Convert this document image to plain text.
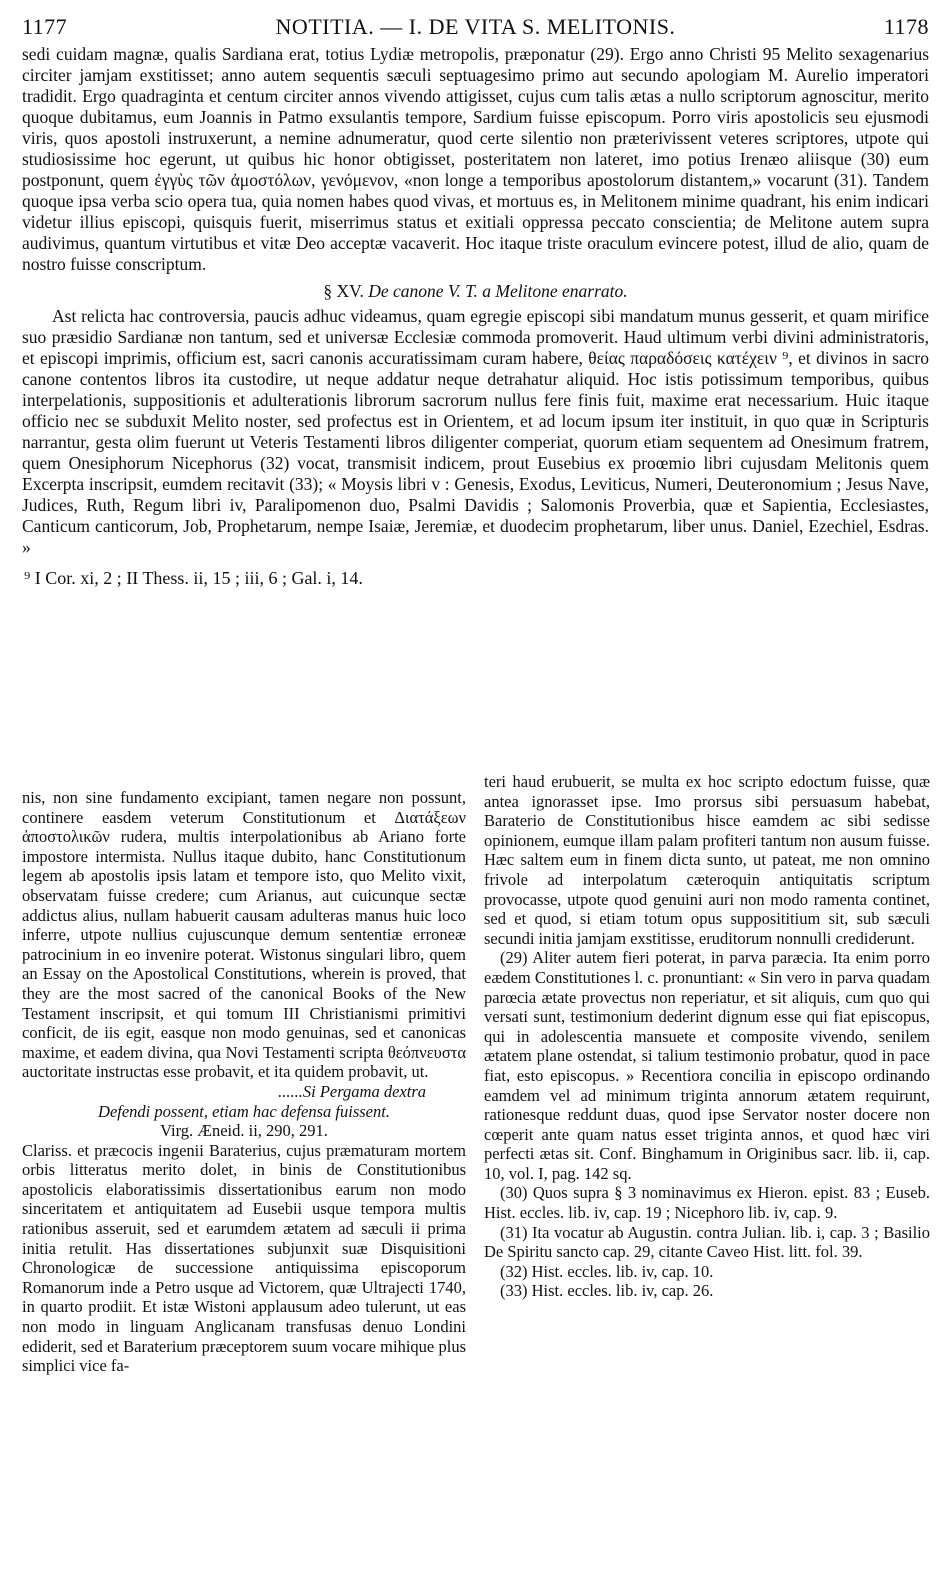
1177	NOTITIA. — I. DE VITA S. MELITONIS.	1178

sedi cuidam magnæ, qualis Sardiana erat, totius Lydiæ metropolis, præponatur (29). Ergo anno Christi 95 Melito sexagenarius circiter jamjam exstitisset; anno autem sequentis sæculi septuagesimo primo aut secundo apologiam M. Aurelio imperatori tradidit. Ergo quadraginta et centum circiter annos vivendo attigisset, cujus cum talis ætas a nullo scriptorum agnoscitur, merito quoque dubitamus, eum Joannis in Patmo exsulantis tempore, Sardium fuisse episcopum. Porro viris apostolicis seu ejusmodi viris, quos apostoli instruxerunt, a nemine adnumeratur, quod certe silentio non præterivissent veteres scriptores, utpote qui studiosissime hoc egerunt, ut quibus hic honor obtigisset, posteritatem non lateret, imo potius Irenæo aliisque (30) eum postponunt, quem ἐγγὺς τῶν ἀμοστόλων, γενόμενον, «non longe a temporibus apostolorum distantem,» vocarunt (31). Tandem quoque ipsa verba scio opera tua, quia nomen habes quod vivas, et mortuus es, in Melitonem minime quadrant, his enim indicari videtur illius episcopi, quisquis fuerit, miserrimus status et exitiali oppressa peccato conscientia; de Melitone autem supra audivimus, quantum virtutibus et vitæ Deo acceptæ vacaverit. Hoc itaque triste oraculum evincere potest, illud de alio, quam de nostro fuisse conscriptum.

§ XV. De canone V. T. a Melitone enarrato.

Ast relicta hac controversia, paucis adhuc videamus, quam egregie episcopi sibi mandatum munus gesserit, et quam mirifice suo præsidio Sardianæ non tantum, sed et universæ Ecclesiæ commoda promoverit. Haud ultimum verbi divini administratoris, et episcopi imprimis, officium est, sacri canonis accuratissimam curam habere, θείας παραδόσεις κατέχειν ⁹, et divinos in sacro canone contentos libros ita custodire, ut neque addatur neque detrahatur aliquid. Hoc istis potissimum temporibus, quibus interpelationis, suppositionis et adulterationis librorum sacrorum nullus fere finis fuit, maxime erat necessarium. Huic itaque officio nec se subduxit Melito noster, sed profectus est in Orientem, et ad locum ipsum iter instituit, in quo quæ in Scripturis narrantur, gesta olim fuerunt ut Veteris Testamenti libros diligenter comperiat, quorum etiam sequentem ad Onesimum fratrem, quem Onesiphorum Nicephorus (32) vocat, transmisit indicem, prout Eusebius ex proœmio libri cujusdam Melitonis quem Excerpta inscripsit, eumdem recitavit (33); « Moysis libri v : Genesis, Exodus, Leviticus, Numeri, Deuteronomium ; Jesus Nave, Judices, Ruth, Regum libri iv, Paralipomenon duo, Psalmi Davidis ; Salomonis Proverbia, quæ et Sapientia, Ecclesiastes, Canticum canticorum, Job, Prophetarum, nempe Isaiæ, Jeremiæ, et duodecim prophetarum, liber unus. Daniel, Ezechiel, Esdras. »

⁹ I Cor. xi, 2 ; II Thess. ii, 15 ; iii, 6 ; Gal. i, 14.

nis, non sine fundamento excipiant, tamen negare non possunt, continere easdem veterum Constitutionum et Διατάξεων ἀποστολικῶν rudera, multis interpolationibus ab Ariano forte impostore intermista. Nullus itaque dubito, hanc Constitutionum legem ab apostolis ipsis latam et tempore isto, quo Melito vixit, observatam fuisse credere; cum Arianus, aut cuicunque sectæ addictus alius, nullam habuerit causam adulteras manus huic loco inferre, utpote nullius cujuscunque demum sententiæ erroneæ patrocinium in eo invenire poterat. Wistonus singulari libro, quem an Essay on the Apostolical Constitutions, wherein is proved, that they are the most sacred of the canonical Books of the New Testament inscripsit, et qui tomum III Christianismi primitivi conficit, de iis egit, easque non modo genuinas, sed et canonicas maxime, et eadem divina, qua Novi Testamenti scripta θεόπνευστα auctoritate instructas esse probavit, et ita quidem probavit, ut.

......Si Pergama dextra

Defendi possent, etiam hac defensa fuissent.

Virg. Æneid. ii, 290, 291.

Clariss. et præcocis ingenii Baraterius, cujus præmaturam mortem orbis litteratus merito dolet, in binis de Constitutionibus apostolicis elaboratissimis dissertationibus earum non modo sinceritatem et antiquitatem ad Eusebii usque tempora multis rationibus asseruit, sed et earumdem ætatem ad sæculi ii prima initia retulit. Has dissertationes subjunxit suæ Disquisitioni Chronologicæ de successione antiquissima episcoporum Romanorum inde a Petro usque ad Victorem, quæ Ultrajecti 1740, in quarto prodiit. Et istæ Wistoni applausum adeo tulerunt, ut eas non modo in linguam Anglicanam transfusas denuo Londini ediderit, sed et Baraterium præceptorem suum vocare mihique plus simplici vice fa-

teri haud erubuerit, se multa ex hoc scripto edoctum fuisse, quæ antea ignorasset ipse. Imo prorsus sibi persuasum habebat, Baraterio de Constitutionibus hisce eamdem ac sibi sedisse opinionem, eumque illam palam profiteri tantum non ausum fuisse. Hæc saltem eum in finem dicta sunto, ut pateat, me non omnino frivole ad interpolatum cæteroquin antiquitatis scriptum provocasse, utpote quod genuini auri non modo ramenta continet, sed et quod, si etiam totum opus supposititium sit, sub sæculi secundi initia jamjam exstitisse, eruditorum nonnulli crediderunt.

(29) Aliter autem fieri poterat, in parva paræcia. Ita enim porro eædem Constitutiones l. c. pronuntiant: « Sin vero in parva quadam parœcia ætate provectus non reperiatur, et sit aliquis, cum quo qui versati sunt, testimonium dederint dignum esse qui fiat episcopus, qui in adolescentia mansuete et composite vivendo, senilem ætatem plane ostendat, si talium testimonio probatur, quod in pace fiat, esto episcopus. » Recentiora concilia in episcopo ordinando eamdem vel ad minimum triginta annorum ætatem requirunt, rationesque reddunt duas, quod ipse Servator noster docere non cœperit ante quam natus esset triginta annos, et quod hæc viri perfecti ætas sit. Conf. Binghamum in Originibus sacr. lib. ii, cap. 10, vol. I, pag. 142 sq.

(30) Quos supra § 3 nominavimus ex Hieron. epist. 83 ; Euseb. Hist. eccles. lib. iv, cap. 19 ; Nicephoro lib. iv, cap. 9.

(31) Ita vocatur ab Augustin. contra Julian. lib. i, cap. 3 ; Basilio De Spiritu sancto cap. 29, citante Caveo Hist. litt. fol. 39.

(32) Hist. eccles. lib. iv, cap. 10.

(33) Hist. eccles. lib. iv, cap. 26.
